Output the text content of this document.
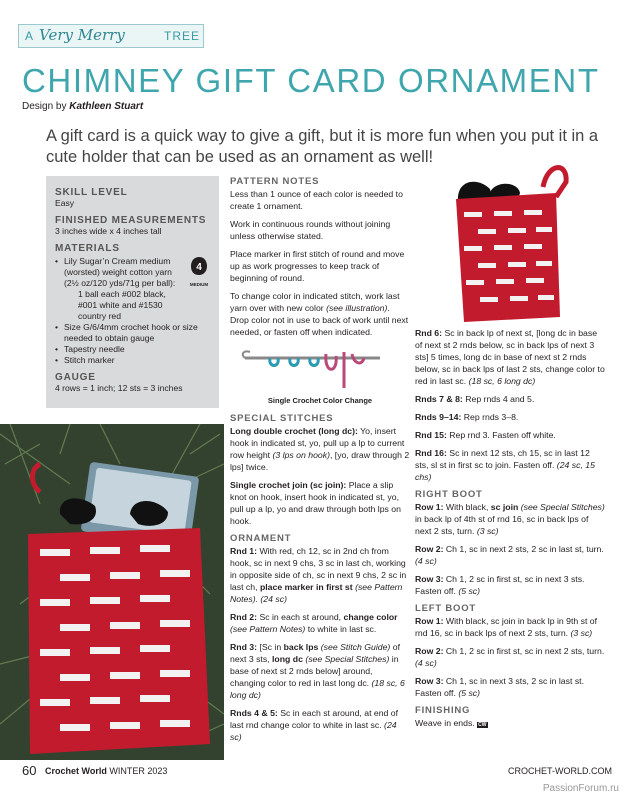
A Very Merry	TREE
CHIMNEY GIFT CARD ORNAMENT
Design by Kathleen Stuart
A gift card is a quick way to give a gift, but it is more fun when you put it in a cute holder that can be used as an ornament as well!
SKILL LEVEL
Easy
FINISHED MEASUREMENTS
3 inches wide x 4 inches tall
MATERIALS
• Lily Sugar’n Cream medium (worsted) weight cotton yarn (2½ oz/120 yds/71g per ball):
1 ball each #002 black, #001 white and #1530 country red
4
MEDIUM
• Size G/6/4mm crochet hook or size needed to obtain gauge
• Tapestry needle
• Stitch marker
GAUGE
4 rows = 1 inch; 12 sts = 3 inches
PATTERN NOTES

Less than 1 ounce of each color is needed to create 1 ornament.

Work in continuous rounds without joining unless otherwise stated.

Place marker in first stitch of round and move up as work progresses to keep track of beginning of round.

To change color in indicated stitch, work last yarn over with new color (see illustration). Drop color not in use to back of work until next needed, or fasten off when indicated.

Single Crochet Color Change
SPECIAL STITCHES

Long double crochet (long dc): Yo, insert hook in indicated st, yo, pull up a lp to current row height (3 lps on hook), [yo, draw through 2 lps] twice.

Single crochet join (sc join): Place a slip knot on hook, insert hook in indicated st, yo, pull up a lp, yo and draw through both lps on hook.

ORNAMENT

Rnd 1: With red, ch 12, sc in 2nd ch from hook, sc in next 9 chs, 3 sc in last ch, working in opposite side of ch, sc in next 9 chs, 2 sc in last ch, place marker in first st (see Pattern Notes). (24 sc)

Rnd 2: Sc in each st around, change color (see Pattern Notes) to white in last sc.

Rnd 3: [Sc in back lps (see Stitch Guide) of next 3 sts, long dc (see Special Stitches) in base of next st 2 rnds below] around, changing color to red in last long dc. (18 sc, 6 long dc)

Rnds 4 & 5: Sc in each st around, at end of last rnd change color to white in last sc. (24 sc)

Rnd 6: Sc in back lp of next st, [long dc in base of next st 2 rnds below, sc in back lps of next 3 sts] 5 times, long dc in base of next st 2 rnds below, sc in back lps of last 2 sts, change color to red in last sc. (18 sc, 6 long dc)

Rnds 7 & 8: Rep rnds 4 and 5.

Rnds 9–14: Rep rnds 3–8.

Rnd 15: Rep rnd 3. Fasten off white.

Rnd 16: Sc in next 12 sts, ch 15, sc in last 12 sts, sl st in first sc to join. Fasten off. (24 sc, 15 chs)

RIGHT BOOT

Row 1: With black, sc join (see Special Stitches) in back lp of 4th st of rnd 16, sc in back lps of next 2 sts, turn. (3 sc)

Row 2: Ch 1, sc in next 2 sts, 2 sc in last st, turn. (4 sc)

Row 3: Ch 1, 2 sc in first st, sc in next 3 sts. Fasten off. (5 sc)

LEFT BOOT

Row 1: With black, sc join in back lp in 9th st of rnd 16, sc in back lps of next 2 sts, turn. (3 sc)

Row 2: Ch 1, 2 sc in first st, sc in next 2 sts, turn. (4 sc)

Row 3: Ch 1, sc in next 3 sts, 2 sc in last st. Fasten off. (5 sc)

FINISHING

Weave in ends. CW

60 Crochet World WINTER 2023	CROCHET-WORLD.COM
PassionForum.ru
